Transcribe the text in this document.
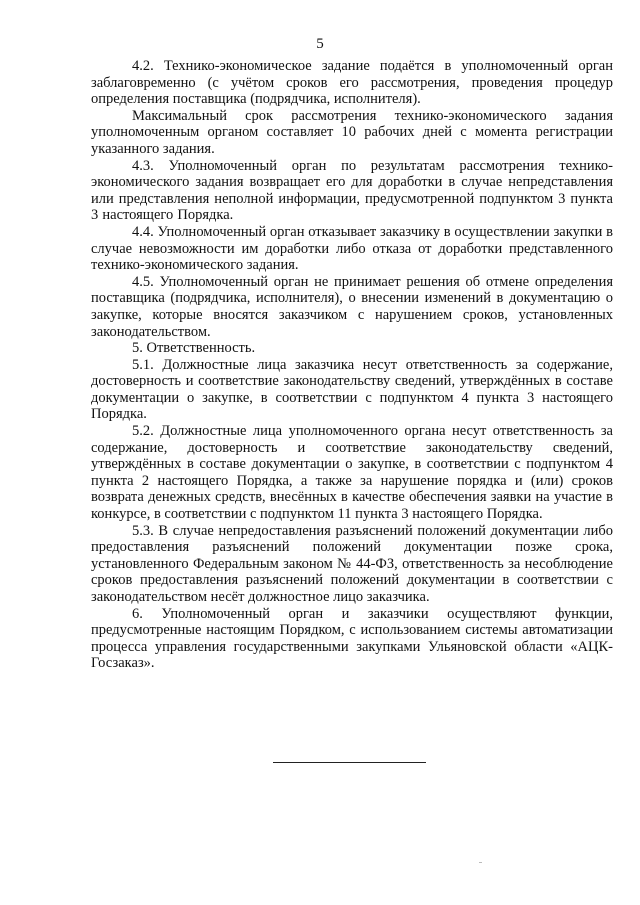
5

4.2. Технико-экономическое задание подаётся в уполномоченный орган заблаговременно (с учётом сроков его рассмотрения, проведения процедур определения поставщика (подрядчика, исполнителя).

Максимальный срок рассмотрения технико-экономического задания уполномоченным органом составляет 10 рабочих дней с момента регистрации указанного задания.

4.3. Уполномоченный орган по результатам рассмотрения технико-экономического задания возвращает его для доработки в случае непредставления или представления неполной информации, предусмотренной подпунктом 3 пункта 3 настоящего Порядка.

4.4. Уполномоченный орган отказывает заказчику в осуществлении закупки в случае невозможности им доработки либо отказа от доработки представленного технико-экономического задания.

4.5. Уполномоченный орган не принимает решения об отмене определения поставщика (подрядчика, исполнителя), о внесении изменений в документацию о закупке, которые вносятся заказчиком с нарушением сроков, установленных законодательством.

5. Ответственность.

5.1. Должностные лица заказчика несут ответственность за содержание, достоверность и соответствие законодательству сведений, утверждённых в составе документации о закупке, в соответствии с подпунктом 4 пункта 3 настоящего Порядка.

5.2. Должностные лица уполномоченного органа несут ответственность за содержание, достоверность и соответствие законодательству сведений, утверждённых в составе документации о закупке, в соответствии с подпунктом 4 пункта 2 настоящего Порядка, а также за нарушение порядка и (или) сроков возврата денежных средств, внесённых в качестве обеспечения заявки на участие в конкурсе, в соответствии с подпунктом 11 пункта 3 настоящего Порядка.

5.3. В случае непредоставления разъяснений положений документации либо предоставления разъяснений положений документации позже срока, установленного Федеральным законом № 44-ФЗ, ответственность за несоблюдение сроков предоставления разъяснений положений документации в соответствии с законодательством несёт должностное лицо заказчика.

6. Уполномоченный орган и заказчики осуществляют функции, предусмотренные настоящим Порядком, с использованием системы автоматизации процесса управления государственными закупками Ульяновской области «АЦК-Госзаказ».
